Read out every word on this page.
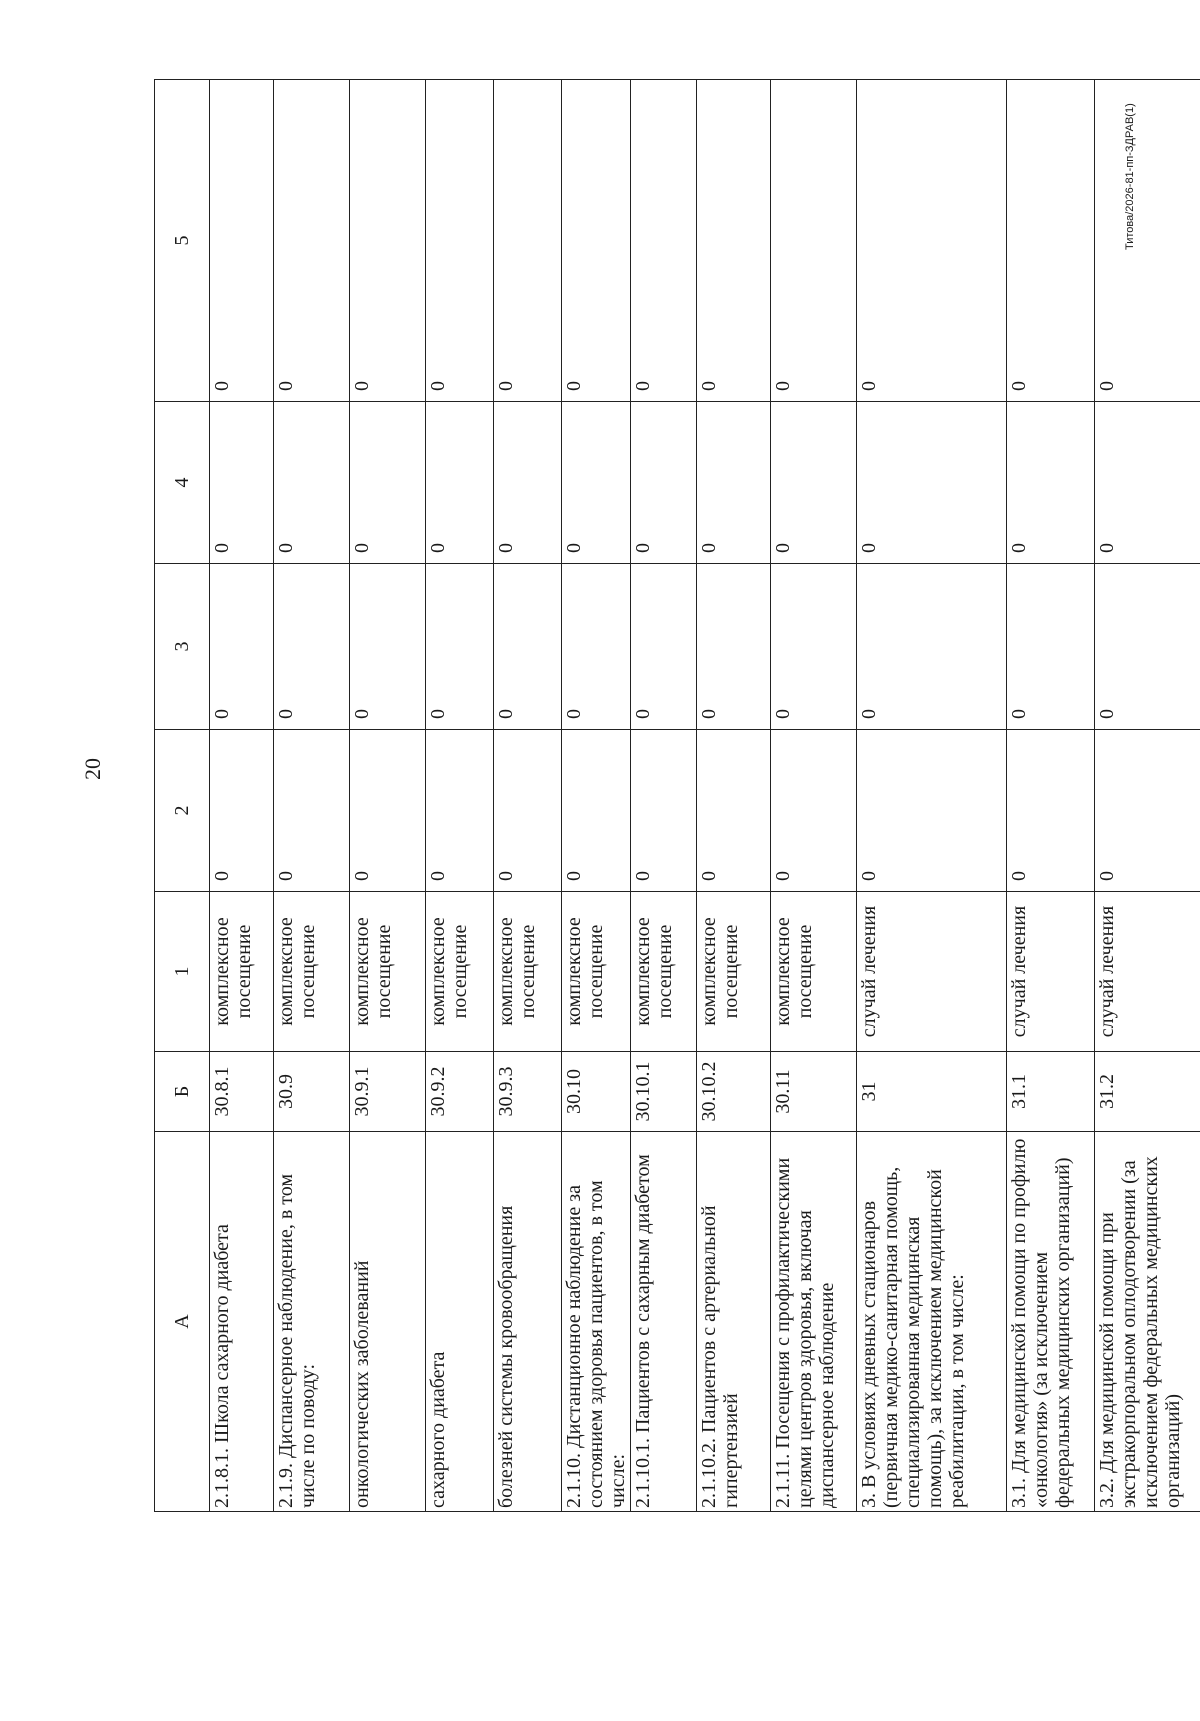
20
Титова/2026-81-пп-ЗДРАВ(1)
А	Б	1	2	3	4	5
2.1.8.1. Школа сахарного диабета	30.8.1	комплексное посещение	0	0	0	0
2.1.9. Диспансерное наблюдение, в том числе по поводу:	30.9	комплексное посещение	0	0	0	0
онкологических заболеваний	30.9.1	комплексное посещение	0	0	0	0
сахарного диабета	30.9.2	комплексное посещение	0	0	0	0
болезней системы кровообращения	30.9.3	комплексное посещение	0	0	0	0
2.1.10. Дистанционное наблюдение за состоянием здоровья пациентов, в том числе:	30.10	комплексное посещение	0	0	0	0
2.1.10.1. Пациентов с сахарным диабетом	30.10.1	комплексное посещение	0	0	0	0
2.1.10.2. Пациентов с артериальной гипертензией	30.10.2	комплексное посещение	0	0	0	0
2.1.11. Посещения с профилактическими целями центров здоровья, включая диспансерное наблюдение	30.11	комплексное посещение	0	0	0	0
3. В условиях дневных стационаров (первичная медико-санитарная помощь, специализированная медицинская помощь), за исключением медицинской реабилитации, в том числе:	31	случай лечения	0	0	0	0
3.1. Для медицинской помощи по профилю «онкология» (за исключением федеральных медицинских организаций)	31.1	случай лечения	0	0	0	0
3.2. Для медицинской помощи при экстракорпоральном оплодотворении (за исключением федеральных медицинских организаций)	31.2	случай лечения	0	0	0	0
